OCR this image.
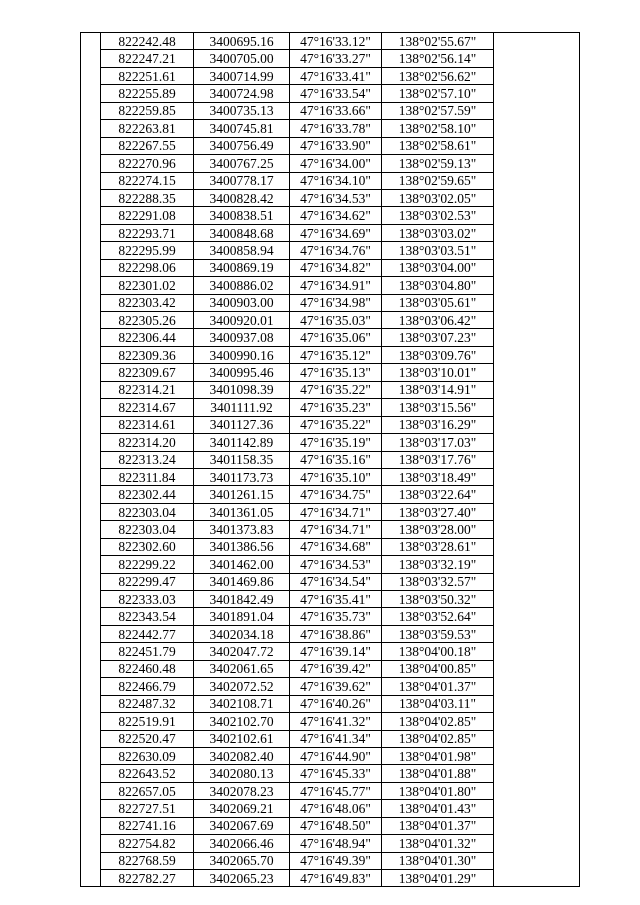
	822242.48	3400695.16	47°16'33.12"	138°02'55.67"	
	822247.21	3400705.00	47°16'33.27"	138°02'56.14"	
	822251.61	3400714.99	47°16'33.41"	138°02'56.62"	
	822255.89	3400724.98	47°16'33.54"	138°02'57.10"	
	822259.85	3400735.13	47°16'33.66"	138°02'57.59"	
	822263.81	3400745.81	47°16'33.78"	138°02'58.10"	
	822267.55	3400756.49	47°16'33.90"	138°02'58.61"	
	822270.96	3400767.25	47°16'34.00"	138°02'59.13"	
	822274.15	3400778.17	47°16'34.10"	138°02'59.65"	
	822288.35	3400828.42	47°16'34.53"	138°03'02.05"	
	822291.08	3400838.51	47°16'34.62"	138°03'02.53"	
	822293.71	3400848.68	47°16'34.69"	138°03'03.02"	
	822295.99	3400858.94	47°16'34.76"	138°03'03.51"	
	822298.06	3400869.19	47°16'34.82"	138°03'04.00"	
	822301.02	3400886.02	47°16'34.91"	138°03'04.80"	
	822303.42	3400903.00	47°16'34.98"	138°03'05.61"	
	822305.26	3400920.01	47°16'35.03"	138°03'06.42"	
	822306.44	3400937.08	47°16'35.06"	138°03'07.23"	
	822309.36	3400990.16	47°16'35.12"	138°03'09.76"	
	822309.67	3400995.46	47°16'35.13"	138°03'10.01"	
	822314.21	3401098.39	47°16'35.22"	138°03'14.91"	
	822314.67	3401111.92	47°16'35.23"	138°03'15.56"	
	822314.61	3401127.36	47°16'35.22"	138°03'16.29"	
	822314.20	3401142.89	47°16'35.19"	138°03'17.03"	
	822313.24	3401158.35	47°16'35.16"	138°03'17.76"	
	822311.84	3401173.73	47°16'35.10"	138°03'18.49"	
	822302.44	3401261.15	47°16'34.75"	138°03'22.64"	
	822303.04	3401361.05	47°16'34.71"	138°03'27.40"	
	822303.04	3401373.83	47°16'34.71"	138°03'28.00"	
	822302.60	3401386.56	47°16'34.68"	138°03'28.61"	
	822299.22	3401462.00	47°16'34.53"	138°03'32.19"	
	822299.47	3401469.86	47°16'34.54"	138°03'32.57"	
	822333.03	3401842.49	47°16'35.41"	138°03'50.32"	
	822343.54	3401891.04	47°16'35.73"	138°03'52.64"	
	822442.77	3402034.18	47°16'38.86"	138°03'59.53"	
	822451.79	3402047.72	47°16'39.14"	138°04'00.18"	
	822460.48	3402061.65	47°16'39.42"	138°04'00.85"	
	822466.79	3402072.52	47°16'39.62"	138°04'01.37"	
	822487.32	3402108.71	47°16'40.26"	138°04'03.11"	
	822519.91	3402102.70	47°16'41.32"	138°04'02.85"	
	822520.47	3402102.61	47°16'41.34"	138°04'02.85"	
	822630.09	3402082.40	47°16'44.90"	138°04'01.98"	
	822643.52	3402080.13	47°16'45.33"	138°04'01.88"	
	822657.05	3402078.23	47°16'45.77"	138°04'01.80"	
	822727.51	3402069.21	47°16'48.06"	138°04'01.43"	
	822741.16	3402067.69	47°16'48.50"	138°04'01.37"	
	822754.82	3402066.46	47°16'48.94"	138°04'01.32"	
	822768.59	3402065.70	47°16'49.39"	138°04'01.30"	
	822782.27	3402065.23	47°16'49.83"	138°04'01.29"	
